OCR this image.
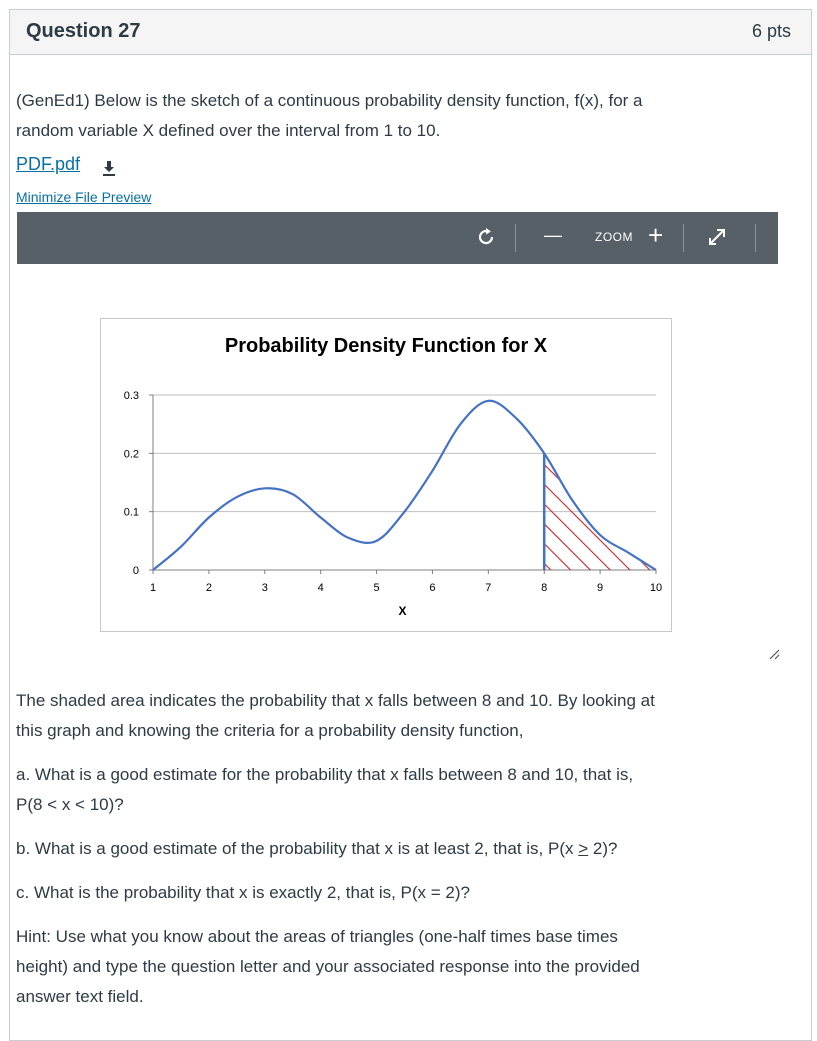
Question 27	6 pts
(GenEd1) Below is the sketch of a continuous probability density function, f(x), for a
random variable X defined over the interval from 1 to 10.
PDF.pdf
Minimize File Preview
—	ZOOM +
Probability Density Function for X
0
0.1
0.2
0.3
1	2	3	4	5	6	7	8	9	10
X
The shaded area indicates the probability that x falls between 8 and 10. By looking at
this graph and knowing the criteria for a probability density function,
a. What is a good estimate for the probability that x falls between 8 and 10, that is,
P(8 < x < 10)?
b. What is a good estimate of the probability that x is at least 2, that is, P(x ≥ 2)?
c. What is the probability that x is exactly 2, that is, P(x = 2)?
Hint: Use what you know about the areas of triangles (one-half times base times
height) and type the question letter and your associated response into the provided
answer text field.
